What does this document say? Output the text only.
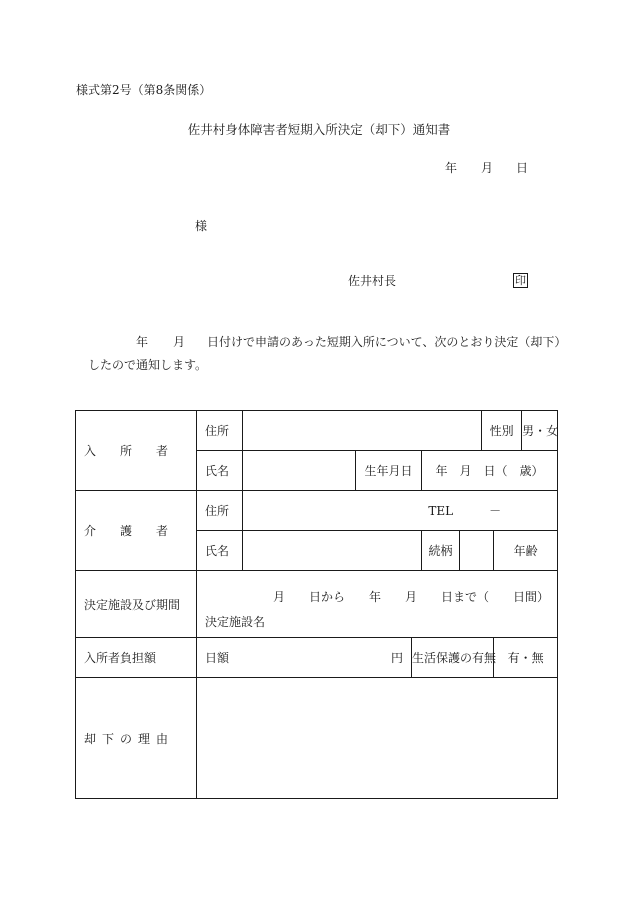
様式第2号（第8条関係）
佐井村身体障害者短期入所決定（却下）通知書
年 月 日
様
佐井村長	印
年 月 日付けで申請のあった短期入所について、次のとおり決定（却下）
したので通知します。
入　　所　　者	住所						性別		男・女	
	氏名		生年月日		年　月　日（　歳）					
介　　護　　者	住所	TEL　　　－								
	氏名				続柄			年齢		
決定施設及び期間	月　　日から　　年　　月　　日まで（　　日間）
決定施設名									

入所者負担額	日額 円			生活保護の有無				有・無		
却下の理由										
